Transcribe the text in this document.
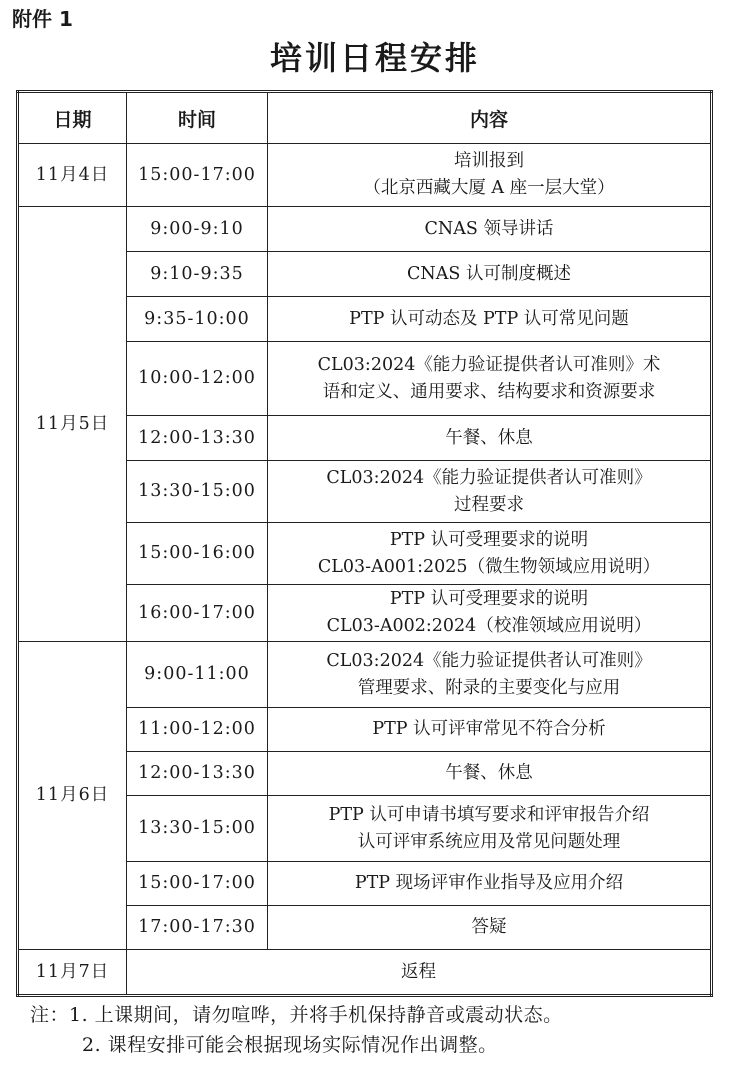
附件 1
培训日程安排
日期	时间	内容
11月4日	15:00-17:00	培训报到
（北京西藏大厦 A 座一层大堂）

11月5日	9:00-9:10	CNAS 领导讲话

	9:10-9:35	CNAS 认可制度概述

	9:35-10:00	PTP 认可动态及 PTP 认可常见问题

	10:00-12:00	CL03:2024《能力验证提供者认可准则》术
语和定义、通用要求、结构要求和资源要求

	12:00-13:30	午餐、休息

	13:30-15:00	CL03:2024《能力验证提供者认可准则》
过程要求

	15:00-16:00	PTP 认可受理要求的说明
CL03-A001:2025（微生物领域应用说明）

	16:00-17:00	PTP 认可受理要求的说明
CL03-A002:2024（校准领域应用说明）

11月6日	9:00-11:00	CL03:2024《能力验证提供者认可准则》
管理要求、附录的主要变化与应用

	11:00-12:00	PTP 认可评审常见不符合分析

	12:00-13:30	午餐、休息

	13:30-15:00	PTP 认可申请书填写要求和评审报告介绍
认可评审系统应用及常见问题处理

	15:00-17:00	PTP 现场评审作业指导及应用介绍

	17:00-17:30	答疑

11月7日	返程	
注：1. 上课期间，请勿喧哗，并将手机保持静音或震动状态。
2. 课程安排可能会根据现场实际情况作出调整。
